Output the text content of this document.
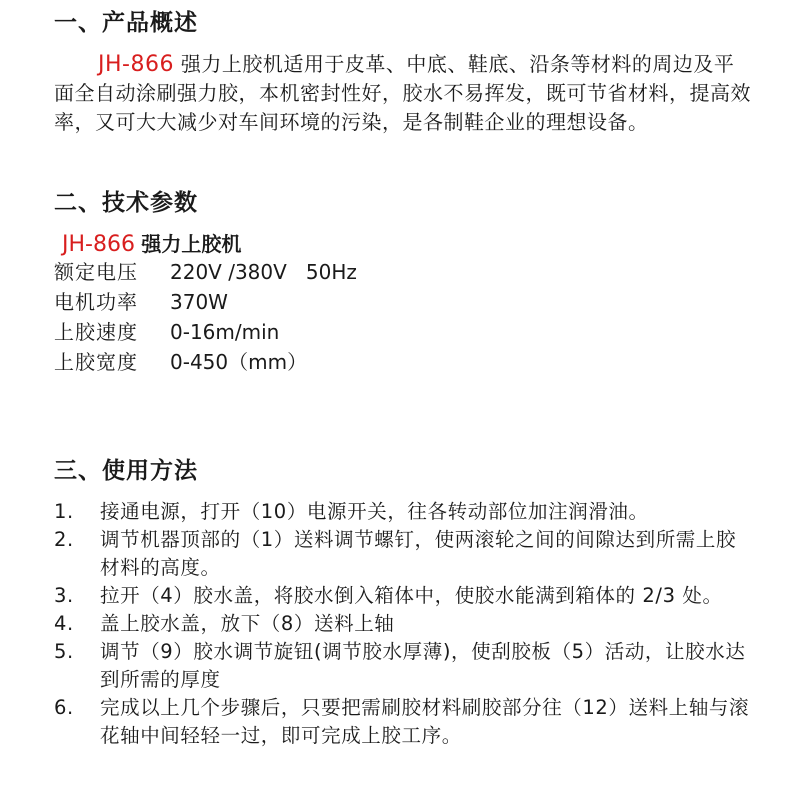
一、产品概述

JH-866 强力上胶机适用于皮革、中底、鞋底、沿条等材料的周边及平面全自动涂刷强力胶，本机密封性好，胶水不易挥发，既可节省材料，提高效率，又可大大减少对车间环境的污染，是各制鞋企业的理想设备。

二、技术参数
JH-866 强力上胶机

额定电压 220V /380V   50Hz

电机功率 370W

上胶速度 0-16m/min

上胶宽度 0-450（mm）

三、使用方法
1. 接通电源，打开（10）电源开关，往各转动部位加注润滑油。
2. 调节机器顶部的（1）送料调节螺钉，使两滚轮之间的间隙达到所需上胶材料的高度。
3. 拉开（4）胶水盖，将胶水倒入箱体中，使胶水能满到箱体的 2/3 处。
4. 盖上胶水盖，放下（8）送料上轴
5. 调节（9）胶水调节旋钮(调节胶水厚薄)，使刮胶板（5）活动，让胶水达到所需的厚度
6. 完成以上几个步骤后，只要把需刷胶材料刷胶部分往（12）送料上轴与滚花轴中间轻轻一过，即可完成上胶工序。
